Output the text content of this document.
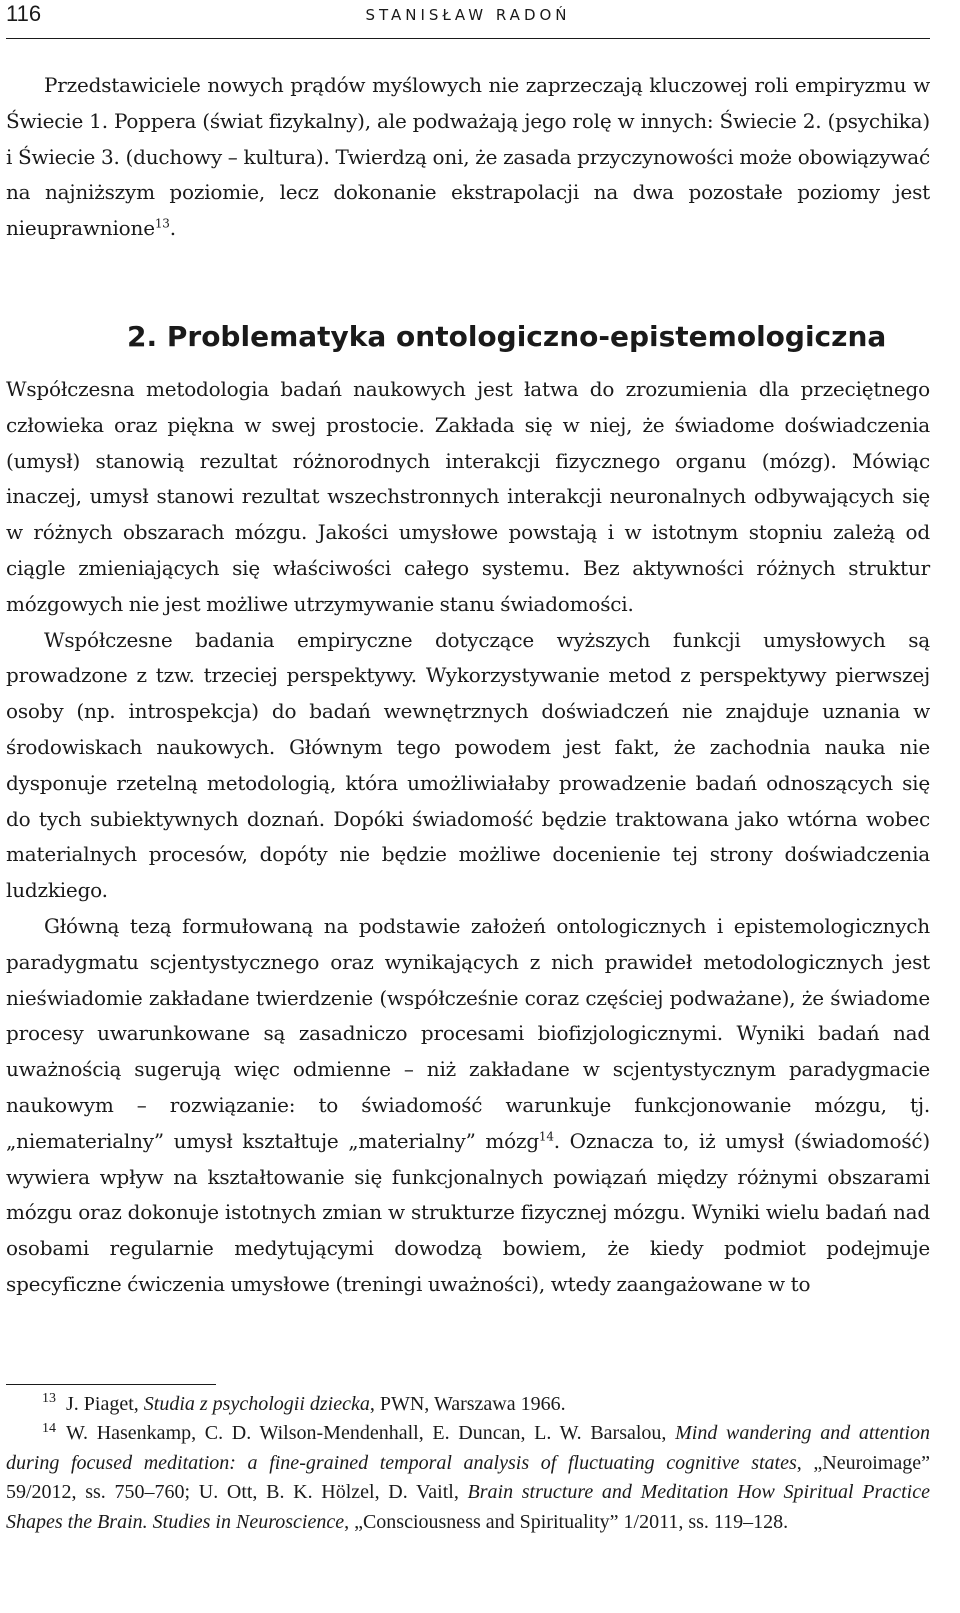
116	STANISŁAW RADOŃ

Przedstawiciele nowych prądów myślowych nie zaprzeczają kluczowej roli empiryzmu w Świecie 1. Poppera (świat fizykalny), ale podważają jego rolę w innych: Świecie 2. (psychika) i Świecie 3. (duchowy – kultura). Twierdzą oni, że zasada przyczynowości może obowiązywać na najniższym poziomie, lecz dokonanie ekstrapolacji na dwa pozostałe poziomy jest nieuprawnione$^{13}$.

2. Problematyka ontologiczno-epistemologiczna

Współczesna metodologia badań naukowych jest łatwa do zrozumienia dla przeciętnego człowieka oraz piękna w swej prostocie. Zakłada się w niej, że świadome doświadczenia (umysł) stanowią rezultat różnorodnych interakcji fizycznego organu (mózg). Mówiąc inaczej, umysł stanowi rezultat wszechstronnych interakcji neuronalnych odbywających się w różnych obszarach mózgu. Jakości umysłowe powstają i w istotnym stopniu zależą od ciągle zmieniających się właściwości całego systemu. Bez aktywności różnych struktur mózgowych nie jest możliwe utrzymywanie stanu świadomości.

Współczesne badania empiryczne dotyczące wyższych funkcji umysłowych są prowadzone z tzw. trzeciej perspektywy. Wykorzystywanie metod z perspektywy pierwszej osoby (np. introspekcja) do badań wewnętrznych doświadczeń nie znajduje uznania w środowiskach naukowych. Głównym tego powodem jest fakt, że zachodnia nauka nie dysponuje rzetelną metodologią, która umożliwiałaby prowadzenie badań odnoszących się do tych subiektywnych doznań. Dopóki świadomość będzie traktowana jako wtórna wobec materialnych procesów, dopóty nie będzie możliwe docenienie tej strony doświadczenia ludzkiego.

Główną tezą formułowaną na podstawie założeń ontologicznych i epistemologicznych paradygmatu scjentystycznego oraz wynikających z nich prawideł metodologicznych jest nieświadomie zakładane twierdzenie (współcześnie coraz częściej podważane), że świadome procesy uwarunkowane są zasadniczo procesami biofizjologicznymi. Wyniki badań nad uważnością sugerują więc odmienne – niż zakładane w scjentystycznym paradygmacie naukowym – rozwiązanie: to świadomość warunkuje funkcjonowanie mózgu, tj. „niematerialny” umysł kształtuje „materialny” mózg$^{14}$. Oznacza to, iż umysł (świadomość) wywiera wpływ na kształtowanie się funkcjonalnych powiązań między różnymi obszarami mózgu oraz dokonuje istotnych zmian w strukturze fizycznej mózgu. Wyniki wielu badań nad osobami regularnie medytującymi dowodzą bowiem, że kiedy podmiot podejmuje specyficzne ćwiczenia umysłowe (treningi uważności), wtedy zaangażowane w to

$^{13}$ J. Piaget, Studia z psychologii dziecka, PWN, Warszawa 1966.

$^{14}$ W. Hasenkamp, C. D. Wilson-Mendenhall, E. Duncan, L. W. Barsalou, Mind wandering and attention during focused meditation: a fine-grained temporal analysis of fluctuating cognitive states, „Neuroimage” 59/2012, ss. 750–760; U. Ott, B. K. Hölzel, D. Vaitl, Brain structure and Meditation How Spiritual Practice Shapes the Brain. Studies in Neuroscience, „Consciousness and Spirituality” 1/2011, ss. 119–128.
